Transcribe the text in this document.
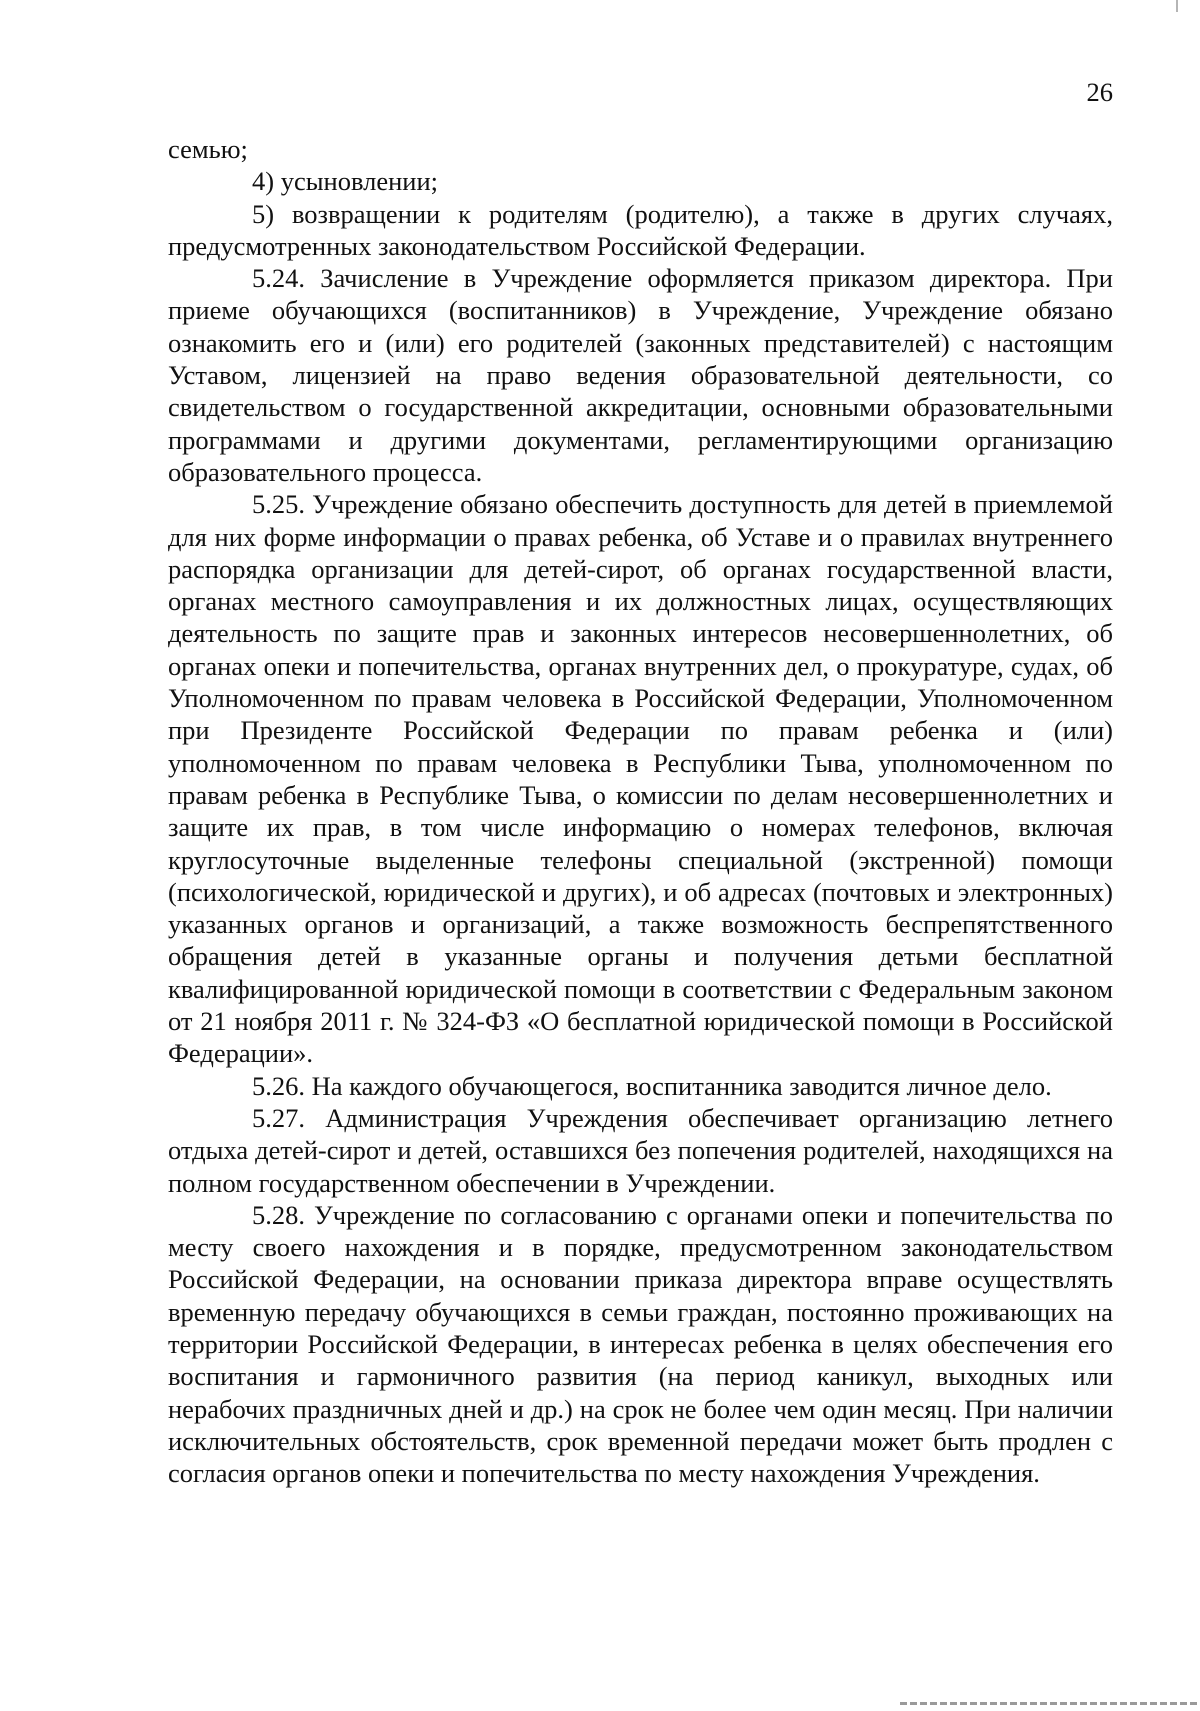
26

семью;

4) усыновлении;

5) возвращении к родителям (родителю), а также в других случаях, предусмотренных законодательством Российской Федерации.

5.24. Зачисление в Учреждение оформляется приказом директора. При приеме обучающихся (воспитанников) в Учреждение, Учреждение обязано ознакомить его и (или) его родителей (законных представителей) с настоящим Уставом, лицензией на право ведения образовательной деятельности, со свидетельством о государственной аккредитации, основными образовательными программами и другими документами, регламентирующими организацию образовательного процесса.

5.25. Учреждение обязано обеспечить доступность для детей в приемлемой для них форме информации о правах ребенка, об Уставе и о правилах внутреннего распорядка организации для детей-сирот, об органах государственной власти, органах местного самоуправления и их должностных лицах, осуществляющих деятельность по защите прав и законных интересов несовершеннолетних, об органах опеки и попечительства, органах внутренних дел, о прокуратуре, судах, об Уполномоченном по правам человека в Российской Федерации, Уполномоченном при Президенте Российской Федерации по правам ребенка и (или) уполномоченном по правам человека в Республики Тыва, уполномоченном по правам ребенка в Республике Тыва, о комиссии по делам несовершеннолетних и защите их прав, в том числе информацию о номерах телефонов, включая круглосуточные выделенные телефоны специальной (экстренной) помощи (психологической, юридической и других), и об адресах (почтовых и электронных) указанных органов и организаций, а также возможность беспрепятственного обращения детей в указанные органы и получения детьми бесплатной квалифицированной юридической помощи в соответствии с Федеральным законом от 21 ноября 2011 г. № 324-ФЗ «О бесплатной юридической помощи в Российской Федерации».

5.26. На каждого обучающегося, воспитанника заводится личное дело.

5.27. Администрация Учреждения обеспечивает организацию летнего отдыха детей-сирот и детей, оставшихся без попечения родителей, находящихся на полном государственном обеспечении в Учреждении.

5.28. Учреждение по согласованию с органами опеки и попечительства по месту своего нахождения и в порядке, предусмотренном законодательством Российской Федерации, на основании приказа директора вправе осуществлять временную передачу обучающихся в семьи граждан, постоянно проживающих на территории Российской Федерации, в интересах ребенка в целях обеспечения его воспитания и гармоничного развития (на период каникул, выходных или нерабочих праздничных дней и др.) на срок не более чем один месяц. При наличии исключительных обстоятельств, срок временной передачи может быть продлен с согласия органов опеки и попечительства по месту нахождения Учреждения.
